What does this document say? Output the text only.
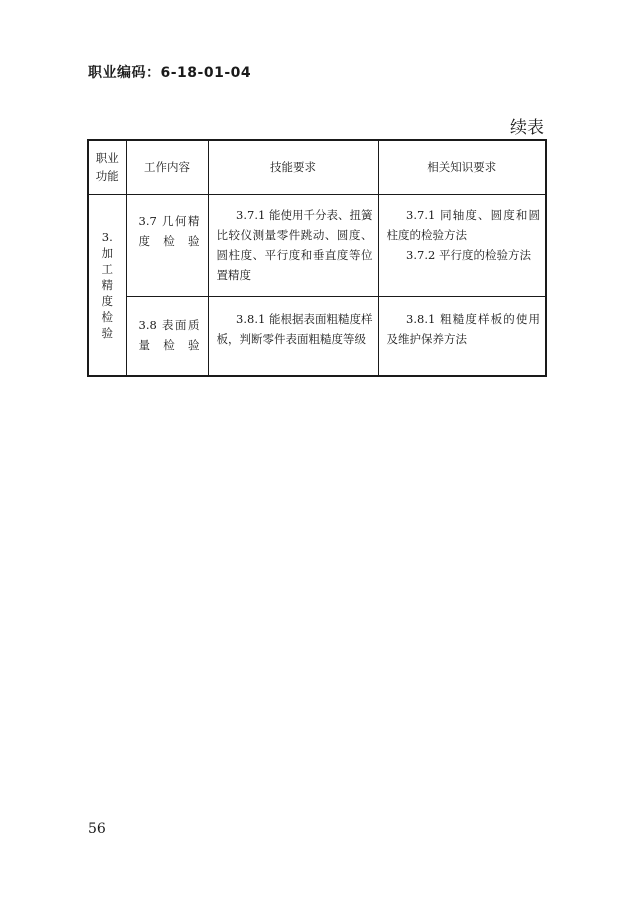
职业编码：6-18-01-04
续表
职业功能	工作内容	技能要求	相关知识要求
3. 加工精度检验	3.7 几何精度检验	3.7.1 能使用千分表、扭簧比较仪测量零件跳动、圆度、圆柱度、平行度和垂直度等位置精度	3.7.1 同轴度、圆度和圆柱度的检验方法
3.7.2 平行度的检验方法

	3.8 表面质量检验	3.8.1 能根据表面粗糙度样板，判断零件表面粗糙度等级	3.8.1 粗糙度样板的使用及维护保养方法
56
